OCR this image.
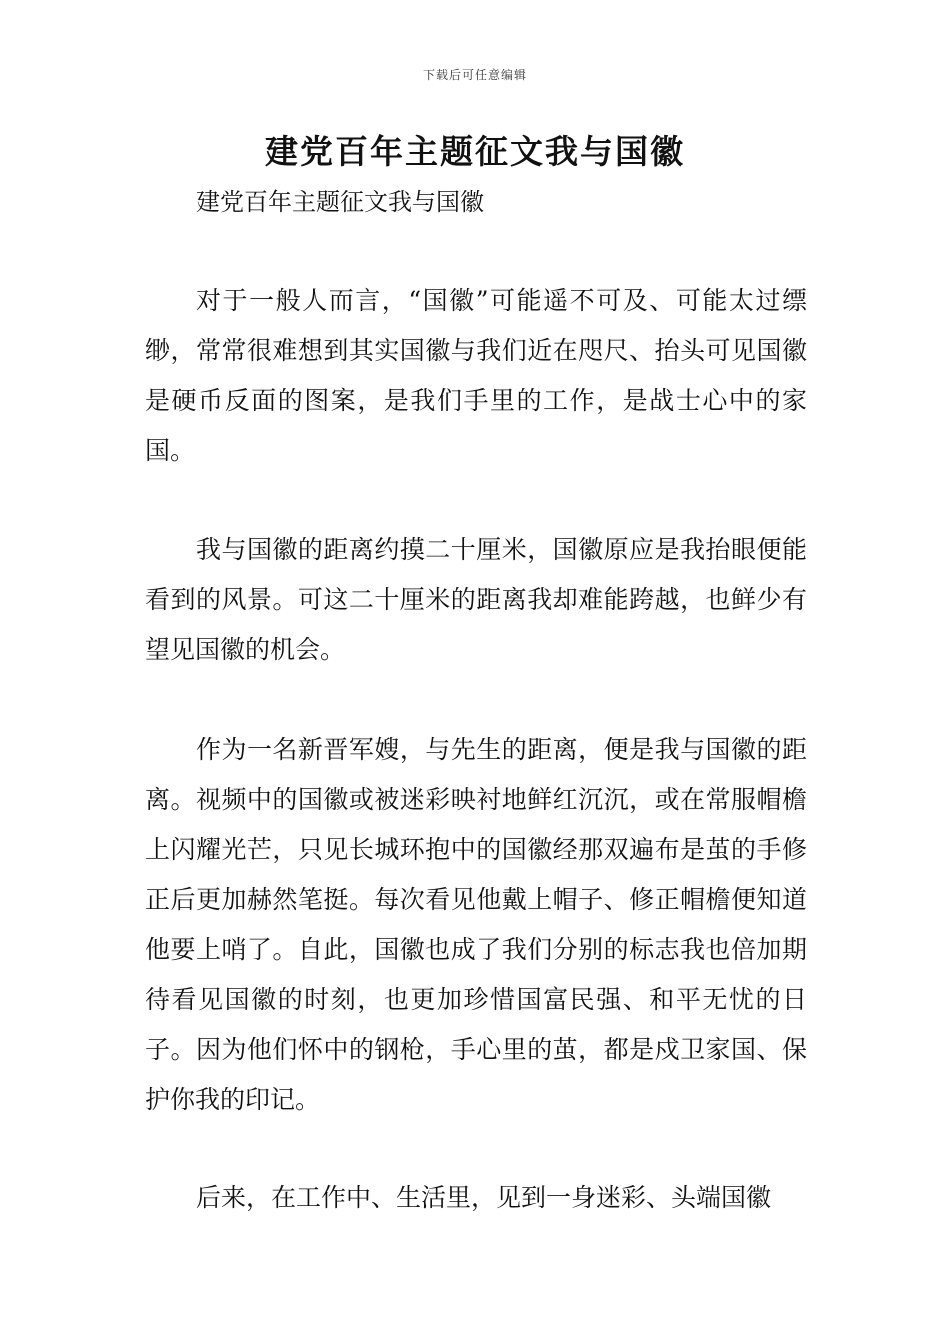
下载后可任意编辑
建党百年主题征文我与国徽

建党百年主题征文我与国徽

对于一般人而言，“国徽”可能遥不可及、可能太过缥缈，常常很难想到其实国徽与我们近在咫尺、抬头可见国徽是硬币反面的图案，是我们手里的工作，是战士心中的家国。

我与国徽的距离约摸二十厘米，国徽原应是我抬眼便能看到的风景。可这二十厘米的距离我却难能跨越，也鲜少有望见国徽的机会。

作为一名新晋军嫂，与先生的距离，便是我与国徽的距离。视频中的国徽或被迷彩映衬地鲜红沉沉，或在常服帽檐上闪耀光芒，只见长城环抱中的国徽经那双遍布是茧的手修正后更加赫然笔挺。每次看见他戴上帽子、修正帽檐便知道他要上哨了。自此，国徽也成了我们分别的标志我也倍加期待看见国徽的时刻，也更加珍惜国富民强、和平无忧的日子。因为他们怀中的钢枪，手心里的茧，都是戍卫家国、保护你我的印记。

后来，在工作中、生活里，见到一身迷彩、头端国徽
